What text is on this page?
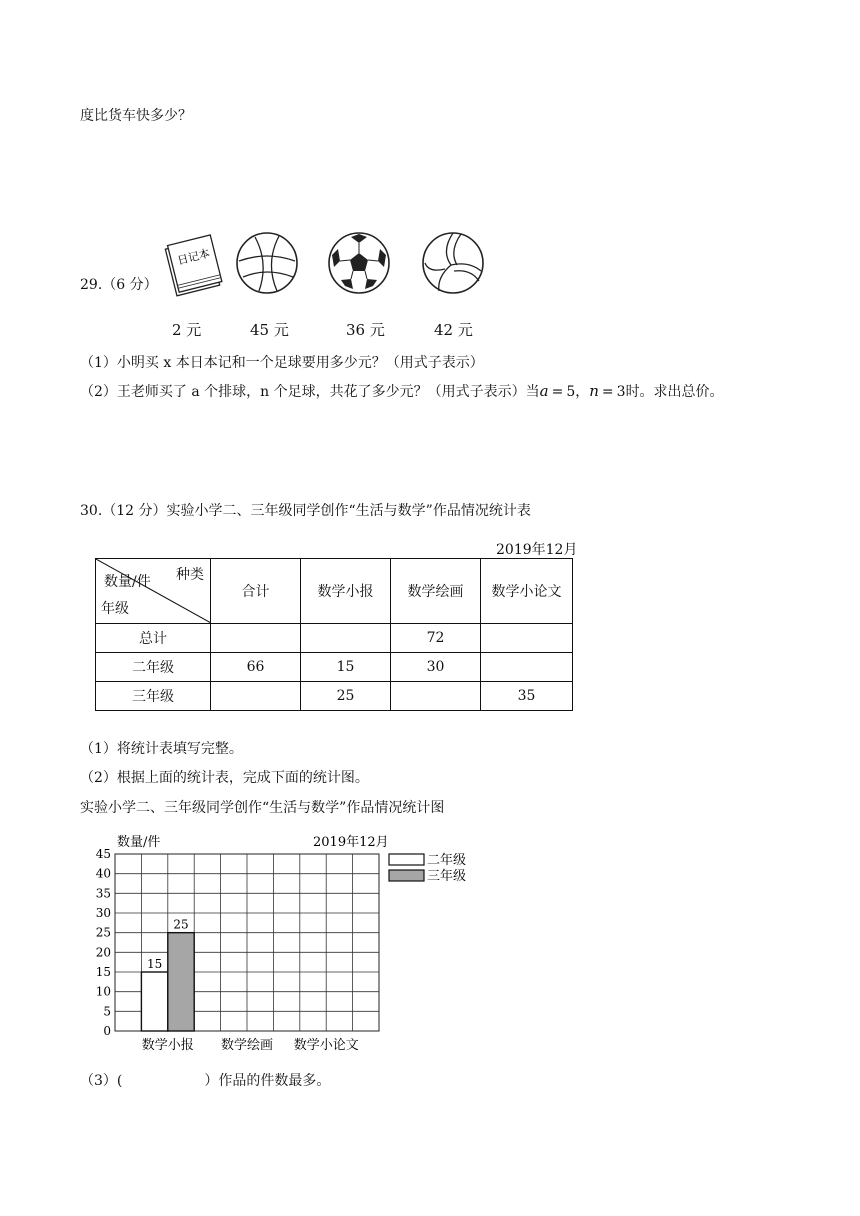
度比货车快多少？
29.（6 分）
日记本
2 元	45 元	36 元	42 元
（1）小明买 x 本日本记和一个足球要用多少元？（用式子表示）
（2）王老师买了 a 个排球，n 个足球，共花了多少元？（用式子表示）当a = 5，n = 3时。求出总价。
30.（12 分）实验小学二、三年级同学创作“生活与数学”作品情况统计表
2019年12月
数量/件 种类
年级	合计	数学小报	数学绘画	数学小论文
总计			72	
二年级	66	15	30	
三年级		25		35
（1）将统计表填写完整。
（2）根据上面的统计表，完成下面的统计图。
实验小学二、三年级同学创作“生活与数学”作品情况统计图
0
5
10
15
20
25
30
35
40
45
15
25
数学小报 数学绘画 数学小论文
数量/件	2019年12月
二年级
三年级
（3）(	）作品的件数最多。
